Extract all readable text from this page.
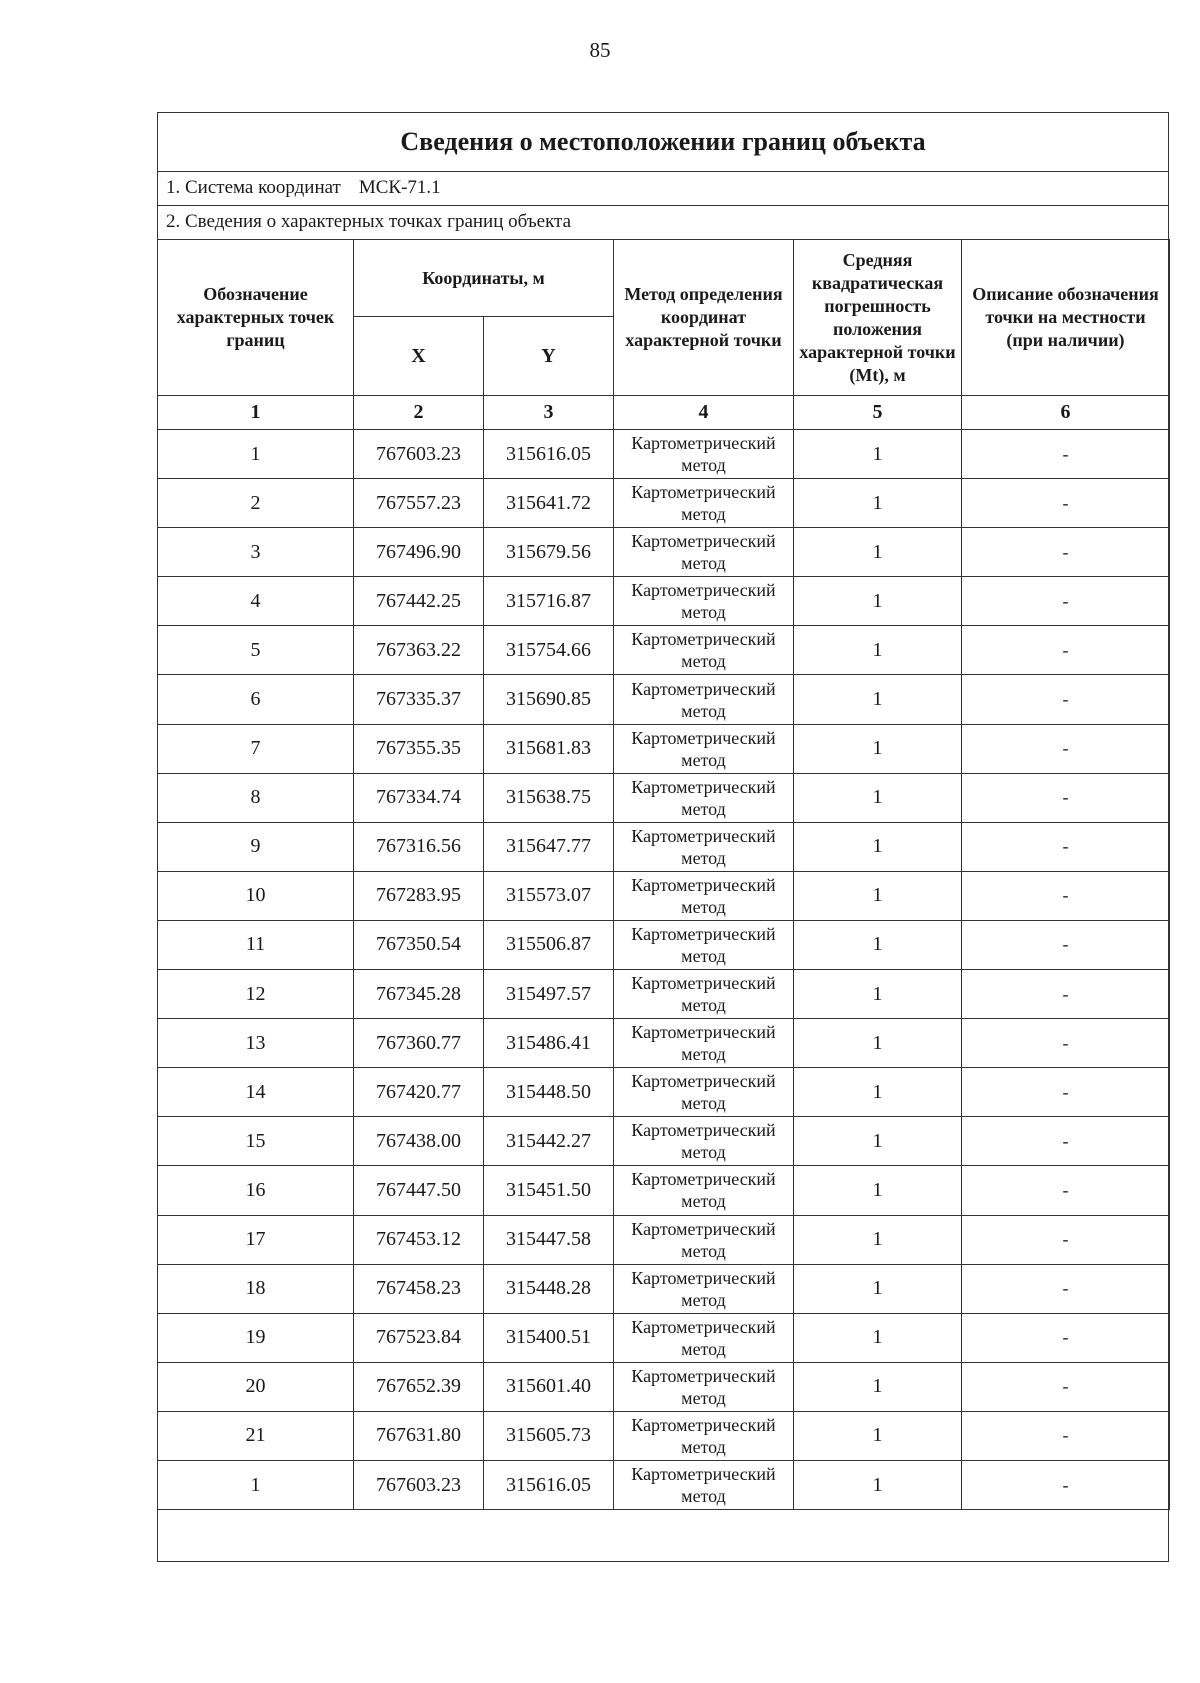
85
Сведения о местоположении границ объекта
1. Система координат МСК-71.1
2. Сведения о характерных точках границ объекта
Обозначение характерных точек границ	Координаты, м		Метод определения координат характерной точки	Средняя квадратическая погрешность положения характерной точки (Mt), м	Описание обозначения точки на местности (при наличии)
	X	Y			
1	2	3	4	5	6
1	767603.23	315616.05	Картометрический метод	1	-
2	767557.23	315641.72	Картометрический метод	1	-
3	767496.90	315679.56	Картометрический метод	1	-
4	767442.25	315716.87	Картометрический метод	1	-
5	767363.22	315754.66	Картометрический метод	1	-
6	767335.37	315690.85	Картометрический метод	1	-
7	767355.35	315681.83	Картометрический метод	1	-
8	767334.74	315638.75	Картометрический метод	1	-
9	767316.56	315647.77	Картометрический метод	1	-
10	767283.95	315573.07	Картометрический метод	1	-
11	767350.54	315506.87	Картометрический метод	1	-
12	767345.28	315497.57	Картометрический метод	1	-
13	767360.77	315486.41	Картометрический метод	1	-
14	767420.77	315448.50	Картометрический метод	1	-
15	767438.00	315442.27	Картометрический метод	1	-
16	767447.50	315451.50	Картометрический метод	1	-
17	767453.12	315447.58	Картометрический метод	1	-
18	767458.23	315448.28	Картометрический метод	1	-
19	767523.84	315400.51	Картометрический метод	1	-
20	767652.39	315601.40	Картометрический метод	1	-
21	767631.80	315605.73	Картометрический метод	1	-
1	767603.23	315616.05	Картометрический метод	1	-
